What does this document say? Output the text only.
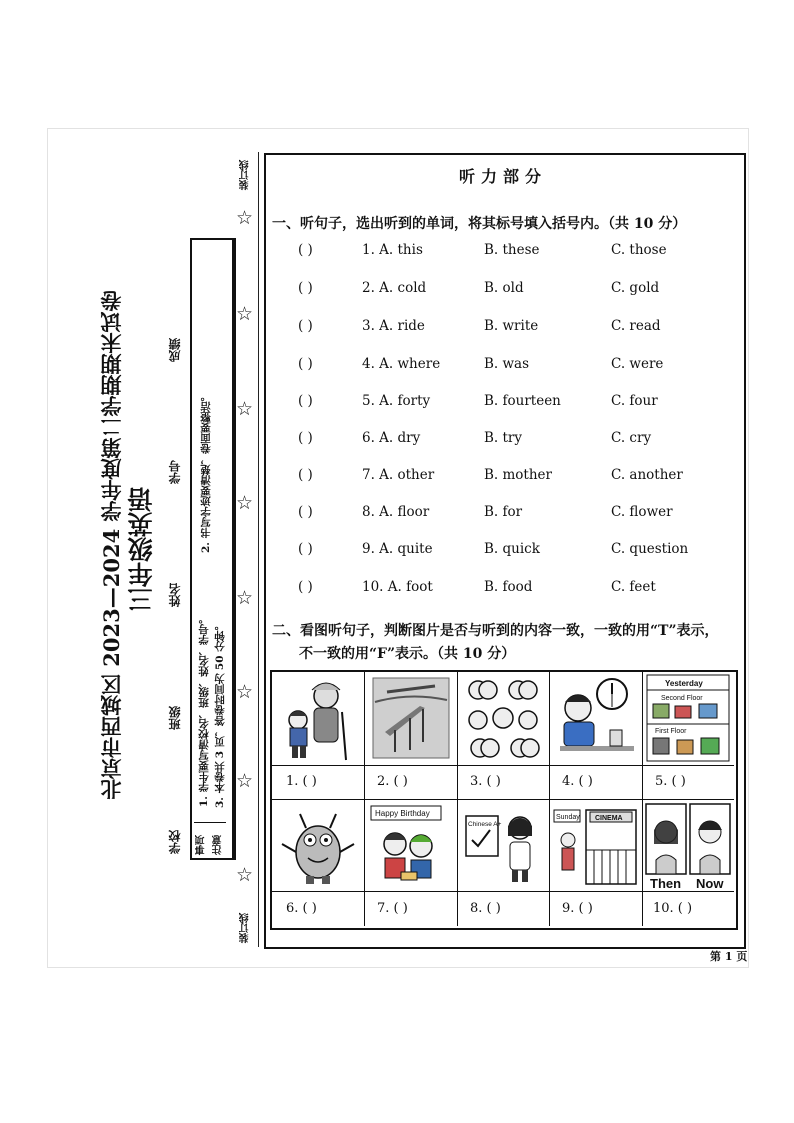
装订线
装订线
☆
☆
☆
☆
☆
☆
☆
☆
北京市西城区 2023—2024 学年度第二学期期末试卷 三年级英语
学校
班级
姓名
学号
成绩
1. 学生要写清校名、班级、姓名、学号。
2. 书写字迹要清楚，卷面要整洁。
3. 本卷共 3 页，答卷时间为 50 分钟。
注意
事项
听力部分
一、听句子，选出听到的单词，将其标号填入括号内。（共 10 分）
( )	1. A. this	B. these	C. those
( )	2. A. cold	B. old	C. gold
( )	3. A. ride	B. write	C. read
( )	4. A. where	B. was	C. were
( )	5. A. forty	B. fourteen	C. four
( )	6. A. dry	B. try	C. cry
( )	7. A. other	B. mother	C. another
( )	8. A. floor	B. for	C. flower
( )	9. A. quite	B. quick	C. question
( )	10. A. foot	B. food	C. feet
二、看图听句子，判断图片是否与听到的内容一致，一致的用“T”表示，
不一致的用“F”表示。（共 10 分）
Yesterday
Second Floor
First Floor
1. ( )	2. ( )	3. ( )	4. ( )	5. ( )
Happy Birthday
Chinese A+
Sunday CINEMA
Then Now
6. ( )	7. ( )	8. ( )	9. ( )	10. ( )
第 1 页
